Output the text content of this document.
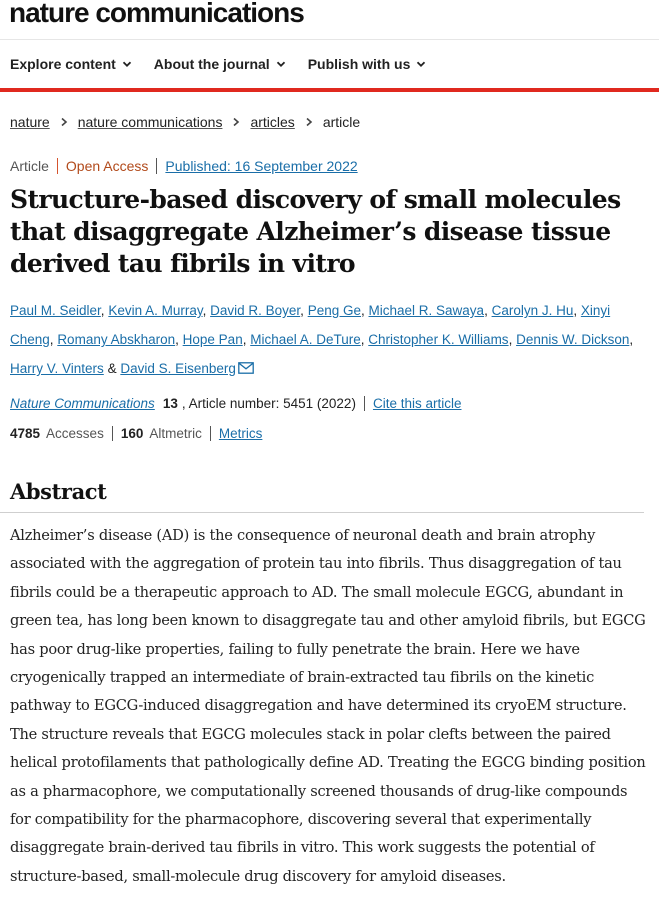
nature communications
Explore content	About the journal	Publish with us
nature nature communications articles article
Article	Open Access	Published: 16 September 2022
Structure-based discovery of small molecules that disaggregate Alzheimer’s disease tissue derived tau fibrils in vitro
Paul M. Seidler, Kevin A. Murray, David R. Boyer, Peng Ge, Michael R. Sawaya, Carolyn J. Hu, Xinyi Cheng, Romany Abskharon, Hope Pan, Michael A. DeTure, Christopher K. Williams, Dennis W. Dickson, Harry V. Vinters & David S. Eisenberg
Nature Communications 13 , Article number: 5451 (2022)	Cite this article
4785 Accesses	160 Altmetric	Metrics
Abstract

Alzheimer’s disease (AD) is the consequence of neuronal death and brain atrophy associated with the aggregation of protein tau into fibrils. Thus disaggregation of tau fibrils could be a therapeutic approach to AD. The small molecule EGCG, abundant in green tea, has long been known to disaggregate tau and other amyloid fibrils, but EGCG has poor drug-like properties, failing to fully penetrate the brain. Here we have cryogenically trapped an intermediate of brain-extracted tau fibrils on the kinetic pathway to EGCG-induced disaggregation and have determined its cryoEM structure. The structure reveals that EGCG molecules stack in polar clefts between the paired helical protofilaments that pathologically define AD. Treating the EGCG binding position as a pharmacophore, we computationally screened thousands of drug-like compounds for compatibility for the pharmacophore, discovering several that experimentally disaggregate brain-derived tau fibrils in vitro. This work suggests the potential of structure-based, small-molecule drug discovery for amyloid diseases.
